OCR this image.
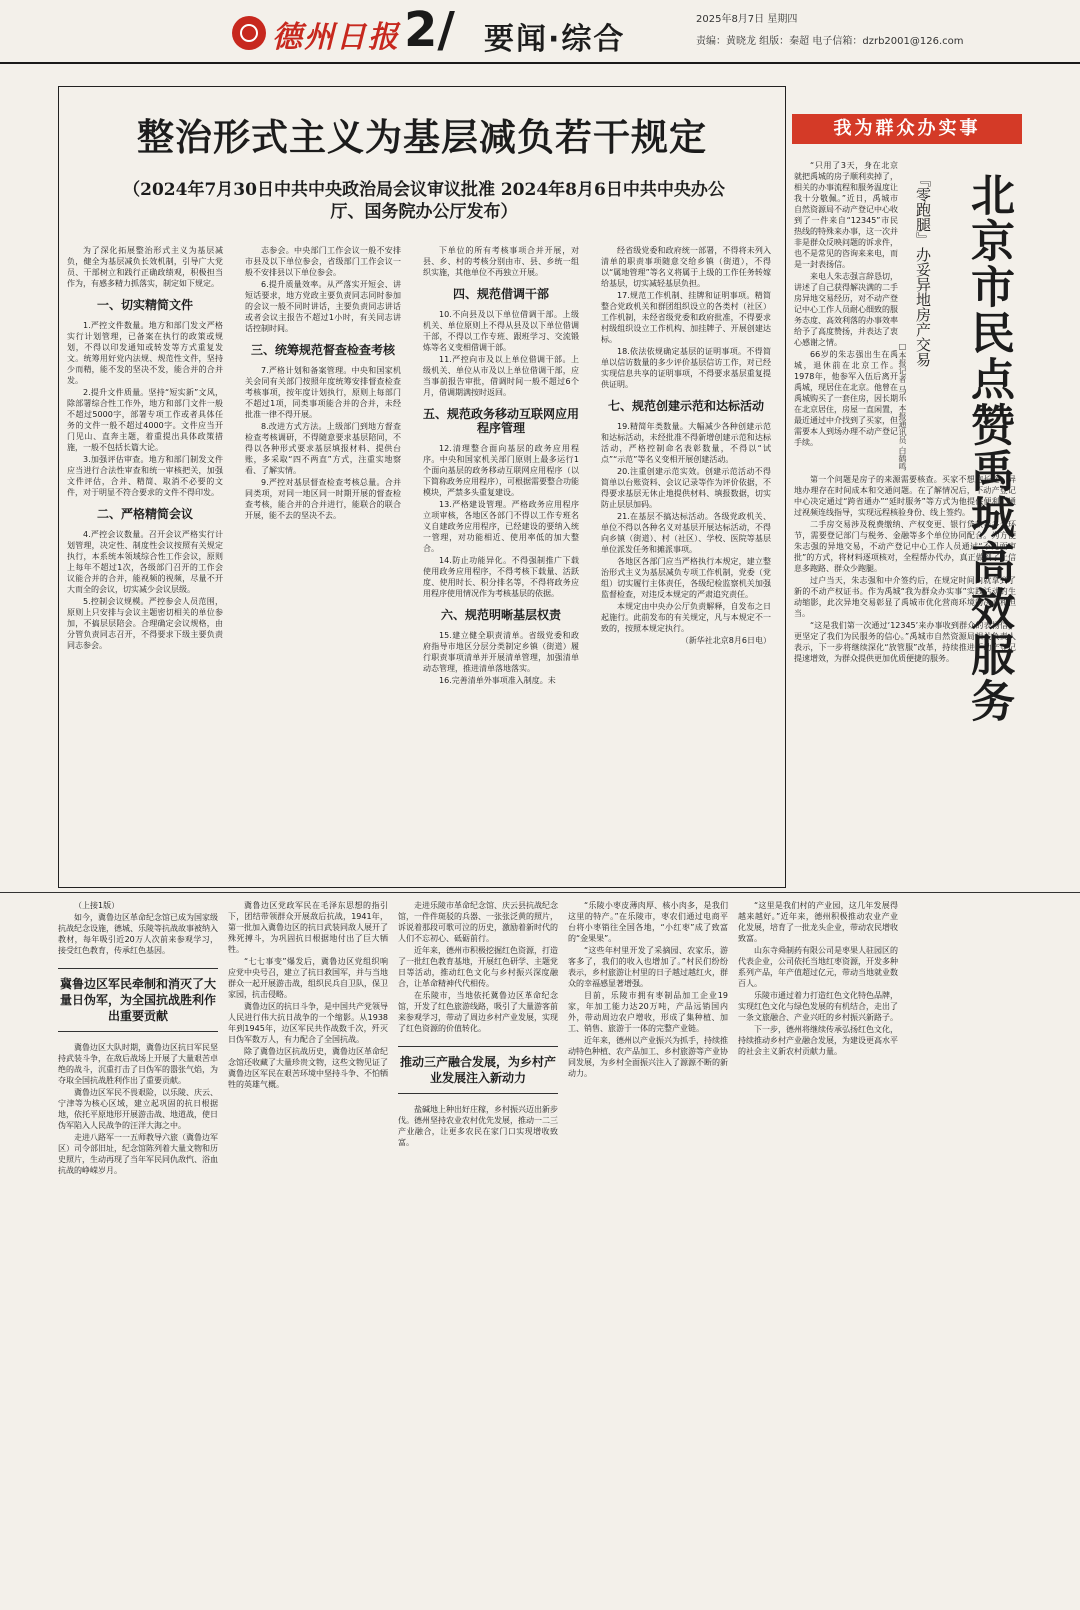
德州日报 2/ 要闻·综合
2025年8月7日 星期四
责编：黄晓龙 组版：秦超 电子信箱：dzrb2001@126.com
整治形式主义为基层减负若干规定
（2024年7月30日中共中央政治局会议审议批准 2024年8月6日中共中央办公厅、国务院办公厅发布）

为了深化拓展整治形式主义为基层减负，健全为基层减负长效机制，引导广大党员、干部树立和践行正确政绩观，积极担当作为，有感多精力抓落实，制定如下规定。

一、切实精简文件

1.严控文件数量。地方和部门发文严格实行计划管理，已备案在执行的政策或规划，不得以印发通知或转发等方式重复发文。统筹用好党内法规、规范性文件，坚持少而精，能不发的坚决不发，能合并的合并发。

2.提升文件质量。坚持“短实新”文风，除部署综合性工作外，地方和部门文件一般不超过5000字，部署专项工作或者具体任务的文件一般不超过4000字。文件应当开门见山、直奔主题，着重提出具体政策措施，一般不包括长篇大论。

3.加强评估审查。地方和部门制发文件应当进行合法性审查和统一审核把关，加强文件评估，合并、精简、取消不必要的文件，对于明显不符合要求的文件不得印发。

二、严格精简会议

4.严控会议数量。召开会议严格实行计划管理，决定性、制度性会议按照有关规定执行，本系统本领域综合性工作会议，原则上每年不超过1次，各级部门召开的工作会议能合并的合并，能视频的视频，尽量不开大而全的会议，切实减少会议层级。

5.控制会议规模。严控参会人员范围，原则上只安排与会议主题密切相关的单位参加，不搞层层陪会。合理确定会议规格，由分管负责同志召开，不得要求下级主要负责同志参会。

志参会。中央部门工作会议一般不安排市县及以下单位参会，省级部门工作会议一般不安排县以下单位参会。

6.提升质量效率。从严落实开短会、讲短话要求，地方党政主要负责同志同时参加的会议一般不同时讲话，主要负责同志讲话或者会议主报告不超过1小时，有关同志讲话控制时间。

三、统筹规范督查检查考核

7.严格计划和备案管理。中央和国家机关会同有关部门按照年度统筹安排督查检查考核事项，按年度计划执行，原则上每部门不超过1项，同类事项能合并的合并，未经批准一律不得开展。

8.改进方式方法。上级部门到地方督查检查考核调研，不得随意要求基层陪同，不得以各种形式要求基层填报材料、提供台账，多采取“四不两直”方式，注重实地察看、了解实情。

9.严控对基层督查检查考核总量。合并同类项，对同一地区同一时期开展的督查检查考核，能合并的合并进行，能联合的联合开展，能不去的坚决不去。

下单位的所有考核事项合并开展，对县、乡、村的考核分别由市、县、乡统一组织实施，其他单位不再独立开展。

四、规范借调干部

10.不向县及以下单位借调干部。上级机关、单位原则上不得从县及以下单位借调干部，不得以工作专班、跟班学习、交流锻炼等名义变相借调干部。

11.严控向市及以上单位借调干部。上级机关、单位从市及以上单位借调干部，应当事前报告审批，借调时间一般不超过6个月，借调期满按时返回。

五、规范政务移动互联网应用程序管理

12.清理整合面向基层的政务应用程序。中央和国家机关部门原则上最多运行1个面向基层的政务移动互联网应用程序（以下简称政务应用程序），可根据需要整合功能模块，严禁多头重复建设。

13.严格建设管理。严格政务应用程序立项审核，各地区各部门不得以工作专班名义自建政务应用程序，已经建设的要纳入统一管理，对功能相近、使用率低的加大整合。

14.防止功能异化。不得强制推广下载使用政务应用程序，不得考核下载量、活跃度、使用时长、积分排名等，不得将政务应用程序使用情况作为考核基层的依据。

六、规范明晰基层权责

15.建立健全职责清单。省级党委和政府指导市地区分层分类制定乡镇（街道）履行职责事项清单并开展清单管理，加强清单动态管理，推进清单落地落实。

16.完善清单外事项准入制度。未

经省级党委和政府统一部署，不得将未列入清单的职责事项随意交给乡镇（街道），不得以“属地管理”等名义将属于上级的工作任务转嫁给基层，切实减轻基层负担。

17.规范工作机制、挂牌和证明事项。精简整合党政机关和群团组织设立的各类村（社区）工作机制，未经省级党委和政府批准，不得要求村级组织设立工作机构、加挂牌子、开展创建达标。

18.依法依规确定基层的证明事项。不得简单以信访数量的多少评价基层信访工作，对已经实现信息共享的证明事项，不得要求基层重复提供证明。

七、规范创建示范和达标活动

19.精简年类数量。大幅减少各种创建示范和达标活动，未经批准不得新增创建示范和达标活动，严格控制命名表彰数量，不得以“试点”“示范”等名义变相开展创建活动。

20.注重创建示范实效。创建示范活动不得简单以台账资料、会议记录等作为评价依据，不得要求基层无休止地提供材料、填报数据，切实防止层层加码。

21.在基层不搞达标活动。各级党政机关、单位不得以各种名义对基层开展达标活动，不得向乡镇（街道）、村（社区）、学校、医院等基层单位派发任务和摊派事项。

各地区各部门应当严格执行本规定，建立整治形式主义为基层减负专项工作机制，党委（党组）切实履行主体责任，各级纪检监察机关加强监督检查，对违反本规定的严肃追究责任。

本规定由中央办公厅负责解释，自发布之日起施行。此前发布的有关规定，凡与本规定不一致的，按照本规定执行。

（新华社北京8月6日电）

我为群众办实事

“只用了3天，身在北京就把禹城的房子顺利卖掉了，相关的办事流程和服务温度让我十分敬佩。”近日，禹城市自然资源局不动产登记中心收到了一件来自“12345”市民热线的特殊来办事，这一次并非是群众反映问题的诉求件，也不是常见的咨询来来电，而是一封表扬信。

来电人朱志强言辞恳切，讲述了自己获得解决满的二手房异地交易经历，对不动产登记中心工作人员耐心细致的服务态度、高效利落的办事效率给予了高度赞扬，并表达了衷心感谢之情。

66岁的朱志强出生在禹城，退休前在北京工作。1978年，他参军入伍后离开禹城，现居住在北京。他曾在禹城购买了一套住房，因长期在北京居住，房屋一直闲置，最近通过中介找到了买家，但需要本人到场办理不动产登记手续。

『零跑腿』办妥异地房产交易
□本报记者 马乐 本报通讯员 白鹤鸣 北京市民点赞禹城高效服务

第一个问题是房子的来源需要核查。买家不想跑长途，异地办理存在时间成本和交通问题。在了解情况后，不动产登记中心决定通过“跨省通办”“延时服务”等方式为他提供便利，通过视频连线指导，实现远程核验身份、线上签约。

二手房交易涉及税费缴纳、产权变更、银行贷款等多个环节，需要登记部门与税务、金融等多个单位协同配合。为方便朱志强的异地交易，不动产登记中心工作人员通过“不见面审批”的方式，将材料逐项核对，全程帮办代办，真正做到了让信息多跑路、群众少跑腿。

过户当天，朱志强和中介签约后，在规定时间内就拿到了新的不动产权证书。作为禹城“我为群众办实事”实践活动的生动缩影，此次异地交易彰显了禹城市优化营商环境的决心和担当。

“这是我们第一次通过‘12345’来办事收到群众的表扬信，更坚定了我们为民服务的信心。”禹城市自然资源局相关负责人表示，下一步将继续深化“放管服”改革，持续推进不动产登记提速增效，为群众提供更加优质便捷的服务。

（上接1版）

如今，冀鲁边区革命纪念馆已成为国家级抗战纪念设施，德城、乐陵等抗战故事被纳入教材，每年吸引近20万人次前来参观学习，接受红色教育，传承红色基因。

冀鲁边区军民牵制和消灭了大量日伪军，为全国抗战胜利作出重要贡献

冀鲁边区大队时期，冀鲁边区抗日军民坚持武装斗争，在敌后战场上开展了大量艰苦卓绝的战斗，沉重打击了日伪军的嚣张气焰，为夺取全国抗战胜利作出了重要贡献。

冀鲁边区军民不畏艰险，以乐陵、庆云、宁津等为核心区域，建立起巩固的抗日根据地，依托平原地形开展游击战、地道战，使日伪军陷入人民战争的汪洋大海之中。

走进八路军一一五师教导六旅（冀鲁边军区）司令部旧址，纪念馆陈列着大量文物和历史照片，生动再现了当年军民同仇敌忾、浴血抗战的峥嵘岁月。

冀鲁边区党政军民在毛泽东思想的指引下，团结带领群众开展敌后抗战，1941年，第一批加入冀鲁边区的抗日武装同敌人展开了殊死搏斗，为巩固抗日根据地付出了巨大牺牲。

“七七事变”爆发后，冀鲁边区党组织响应党中央号召，建立了抗日救国军，并与当地群众一起开展游击战，组织民兵自卫队，保卫家园，抗击侵略。

冀鲁边区的抗日斗争，是中国共产党领导人民进行伟大抗日战争的一个缩影。从1938年到1945年，边区军民共作战数千次，歼灭日伪军数万人，有力配合了全国抗战。

除了冀鲁边区抗战历史，冀鲁边区革命纪念馆还收藏了大量珍贵文物，这些文物见证了冀鲁边区军民在艰苦环境中坚持斗争、不怕牺牲的英雄气概。

走进乐陵市革命纪念馆、庆云县抗战纪念馆，一件件斑驳的兵器、一张张泛黄的照片，诉说着那段可歌可泣的历史，激励着新时代的人们不忘初心、砥砺前行。

近年来，德州市积极挖掘红色资源，打造了一批红色教育基地，开展红色研学、主题党日等活动，推动红色文化与乡村振兴深度融合，让革命精神代代相传。

在乐陵市，当地依托冀鲁边区革命纪念馆，开发了红色旅游线路，吸引了大量游客前来参观学习，带动了周边乡村产业发展，实现了红色资源的价值转化。

推动三产融合发展，为乡村产业发展注入新动力

盐碱地上种出好庄稼，乡村振兴迈出新步伐。德州坚持农业农村优先发展，推动一二三产业融合，让更多农民在家门口实现增收致富。

“乐陵小枣皮薄肉厚、核小肉多，是我们这里的特产。”在乐陵市，枣农们通过电商平台将小枣销往全国各地，“小红枣”成了致富的“金果果”。

“这些年村里开发了采摘园、农家乐，游客多了，我们的收入也增加了。”村民们纷纷表示，乡村旅游让村里的日子越过越红火，群众的幸福感显著增强。

目前，乐陵市拥有枣制品加工企业19家，年加工能力达20万吨，产品远销国内外，带动周边农户增收，形成了集种植、加工、销售、旅游于一体的完整产业链。

近年来，德州以产业振兴为抓手，持续推动特色种植、农产品加工、乡村旅游等产业协同发展，为乡村全面振兴注入了源源不断的新动力。

“这里是我们村的产业园，这几年发展得越来越好。”近年来，德州积极推动农业产业化发展，培育了一批龙头企业，带动农民增收致富。

山东寺舜制药有限公司是枣果人驻园区的代表企业，公司依托当地红枣资源，开发多种系列产品，年产值超过亿元，带动当地就业数百人。

乐陵市通过着力打造红色文化特色品牌，实现红色文化与绿色发展的有机结合，走出了一条文旅融合、产业兴旺的乡村振兴新路子。

下一步，德州将继续传承弘扬红色文化，持续推动乡村产业融合发展，为建设更高水平的社会主义新农村贡献力量。
